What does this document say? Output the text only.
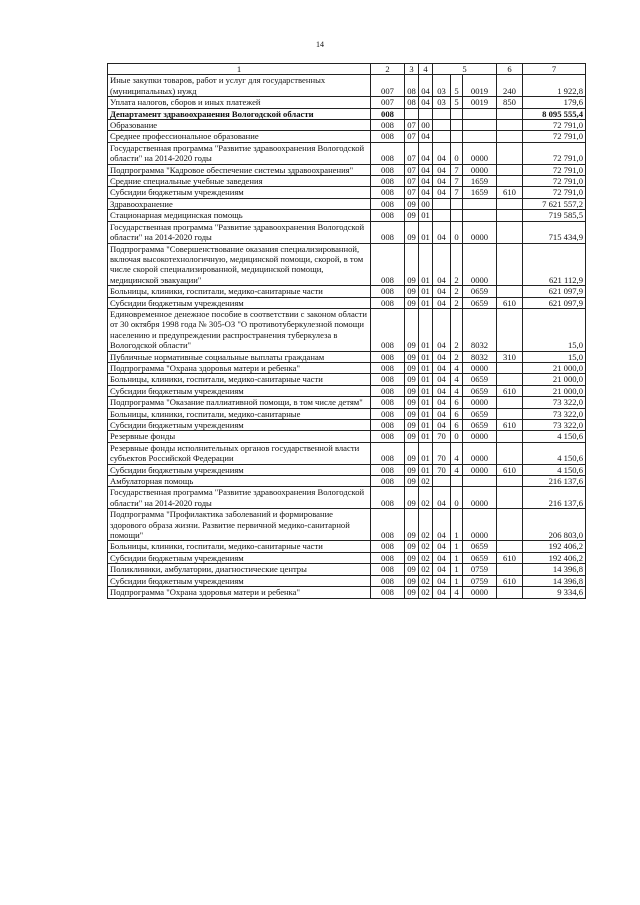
14
1	2	3	4	5			6	7
Иные закупки товаров, работ и услуг для государственных (муниципальных) нужд	007	08	04	03	5	0019	240	1 922,8
Уплата налогов, сборов и иных платежей	007	08	04	03	5	0019	850	179,6
Департамент здравоохранения Вологодской области	008							8 095 555,4
Образование	008	07	00					72 791,0
Среднее профессиональное образование	008	07	04					72 791,0
Государственная программа "Развитие здравоохранения Вологодской области" на 2014-2020 годы	008	07	04	04	0	0000		72 791,0
Подпрограмма "Кадровое обеспечение системы здравоохранения"	008	07	04	04	7	0000		72 791,0
Средние специальные учебные заведения	008	07	04	04	7	1659		72 791,0
Субсидии бюджетным учреждениям	008	07	04	04	7	1659	610	72 791,0
Здравоохранение	008	09	00					7 621 557,2
Стационарная медицинская помощь	008	09	01					719 585,5
Государственная программа "Развитие здравоохранения Вологодской области" на 2014-2020 годы	008	09	01	04	0	0000		715 434,9
Подпрограмма "Совершенствование оказания специализированной, включая высокотехнологичную, медицинской помощи, скорой, в том числе скорой специализированной, медицинской помощи, медицинской эвакуации"	008	09	01	04	2	0000		621 112,9
Больницы, клиники, госпитали, медико-санитарные части	008	09	01	04	2	0659		621 097,9
Субсидии бюджетным учреждениям	008	09	01	04	2	0659	610	621 097,9
Единовременное денежное пособие в соответствии с законом области от 30 октября 1998 года № 305-ОЗ "О противотуберкулезной помощи населению и предупреждении распространения туберкулеза в Вологодской области"	008	09	01	04	2	8032		15,0
Публичные нормативные социальные выплаты гражданам	008	09	01	04	2	8032	310	15,0
Подпрограмма "Охрана здоровья матери и ребенка"	008	09	01	04	4	0000		21 000,0
Больницы, клиники, госпитали, медико-санитарные части	008	09	01	04	4	0659		21 000,0
Субсидии бюджетным учреждениям	008	09	01	04	4	0659	610	21 000,0
Подпрограмма "Оказание паллиативной помощи, в том числе детям"	008	09	01	04	6	0000		73 322,0
Больницы, клиники, госпитали, медико-санитарные	008	09	01	04	6	0659		73 322,0
Субсидии бюджетным учреждениям	008	09	01	04	6	0659	610	73 322,0
Резервные фонды	008	09	01	70	0	0000		4 150,6
Резервные фонды исполнительных органов государственной власти субъектов Российской Федерации	008	09	01	70	4	0000		4 150,6
Субсидии бюджетным учреждениям	008	09	01	70	4	0000	610	4 150,6
Амбулаторная помощь	008	09	02					216 137,6
Государственная программа "Развитие здравоохранения Вологодской области" на 2014-2020 годы	008	09	02	04	0	0000		216 137,6
Подпрограмма "Профилактика заболеваний и формирование здорового образа жизни. Развитие первичной медико-санитарной помощи"	008	09	02	04	1	0000		206 803,0
Больницы, клиники, госпитали, медико-санитарные части	008	09	02	04	1	0659		192 406,2
Субсидии бюджетным учреждениям	008	09	02	04	1	0659	610	192 406,2
Поликлиники, амбулатории, диагностические центры	008	09	02	04	1	0759		14 396,8
Субсидии бюджетным учреждениям	008	09	02	04	1	0759	610	14 396,8
Подпрограмма "Охрана здоровья матери и ребенка"	008	09	02	04	4	0000		9 334,6
